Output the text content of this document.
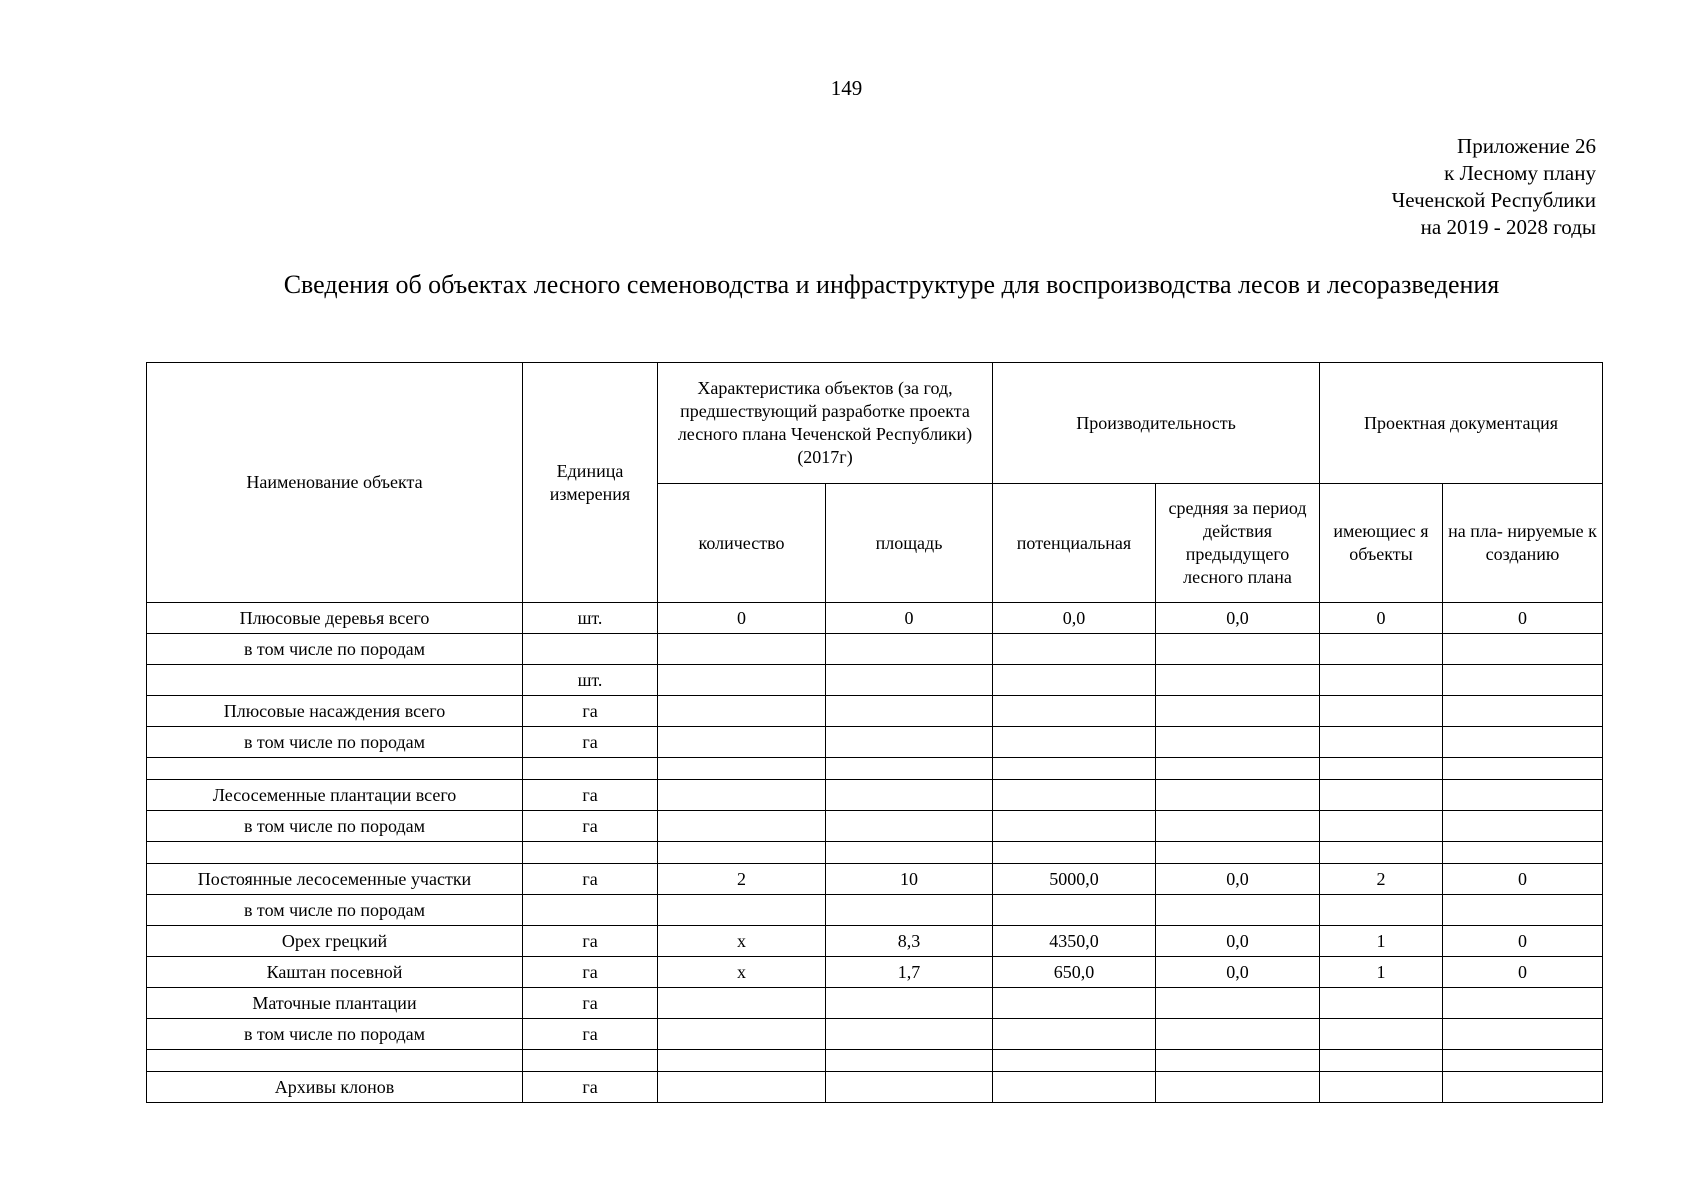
149
Приложение 26
к Лесному плану
Чеченской Республики
на 2019 - 2028 годы
Сведения об объектах лесного семеноводства и инфраструктуре для воспроизводства лесов и лесоразведения
Наименование объекта	Единица измерения	Характеристика объектов (за год, предшествующий разработке проекта лесного плана Чеченской Республики) (2017г)		Производительность		Проектная документация	
		количество	площадь	потенциальная	средняя за период действия предыдущего лесного плана	имеющиес я объекты	на пла- нируемые к созданию
Плюсовые деревья всего	шт.	0	0	0,0	0,0	0	0
в том числе по породам							
	шт.						
Плюсовые насаждения всего	га						
в том числе по породам	га						

Лесосеменные плантации всего	га						
в том числе по породам	га						

Постоянные лесосеменные участки	га	2	10	5000,0	0,0	2	0
в том числе по породам							
Орех грецкий	га	х	8,3	4350,0	0,0	1	0
Каштан посевной	га	х	1,7	650,0	0,0	1	0
Маточные плантации	га						
в том числе по породам	га						

Архивы клонов	га						
